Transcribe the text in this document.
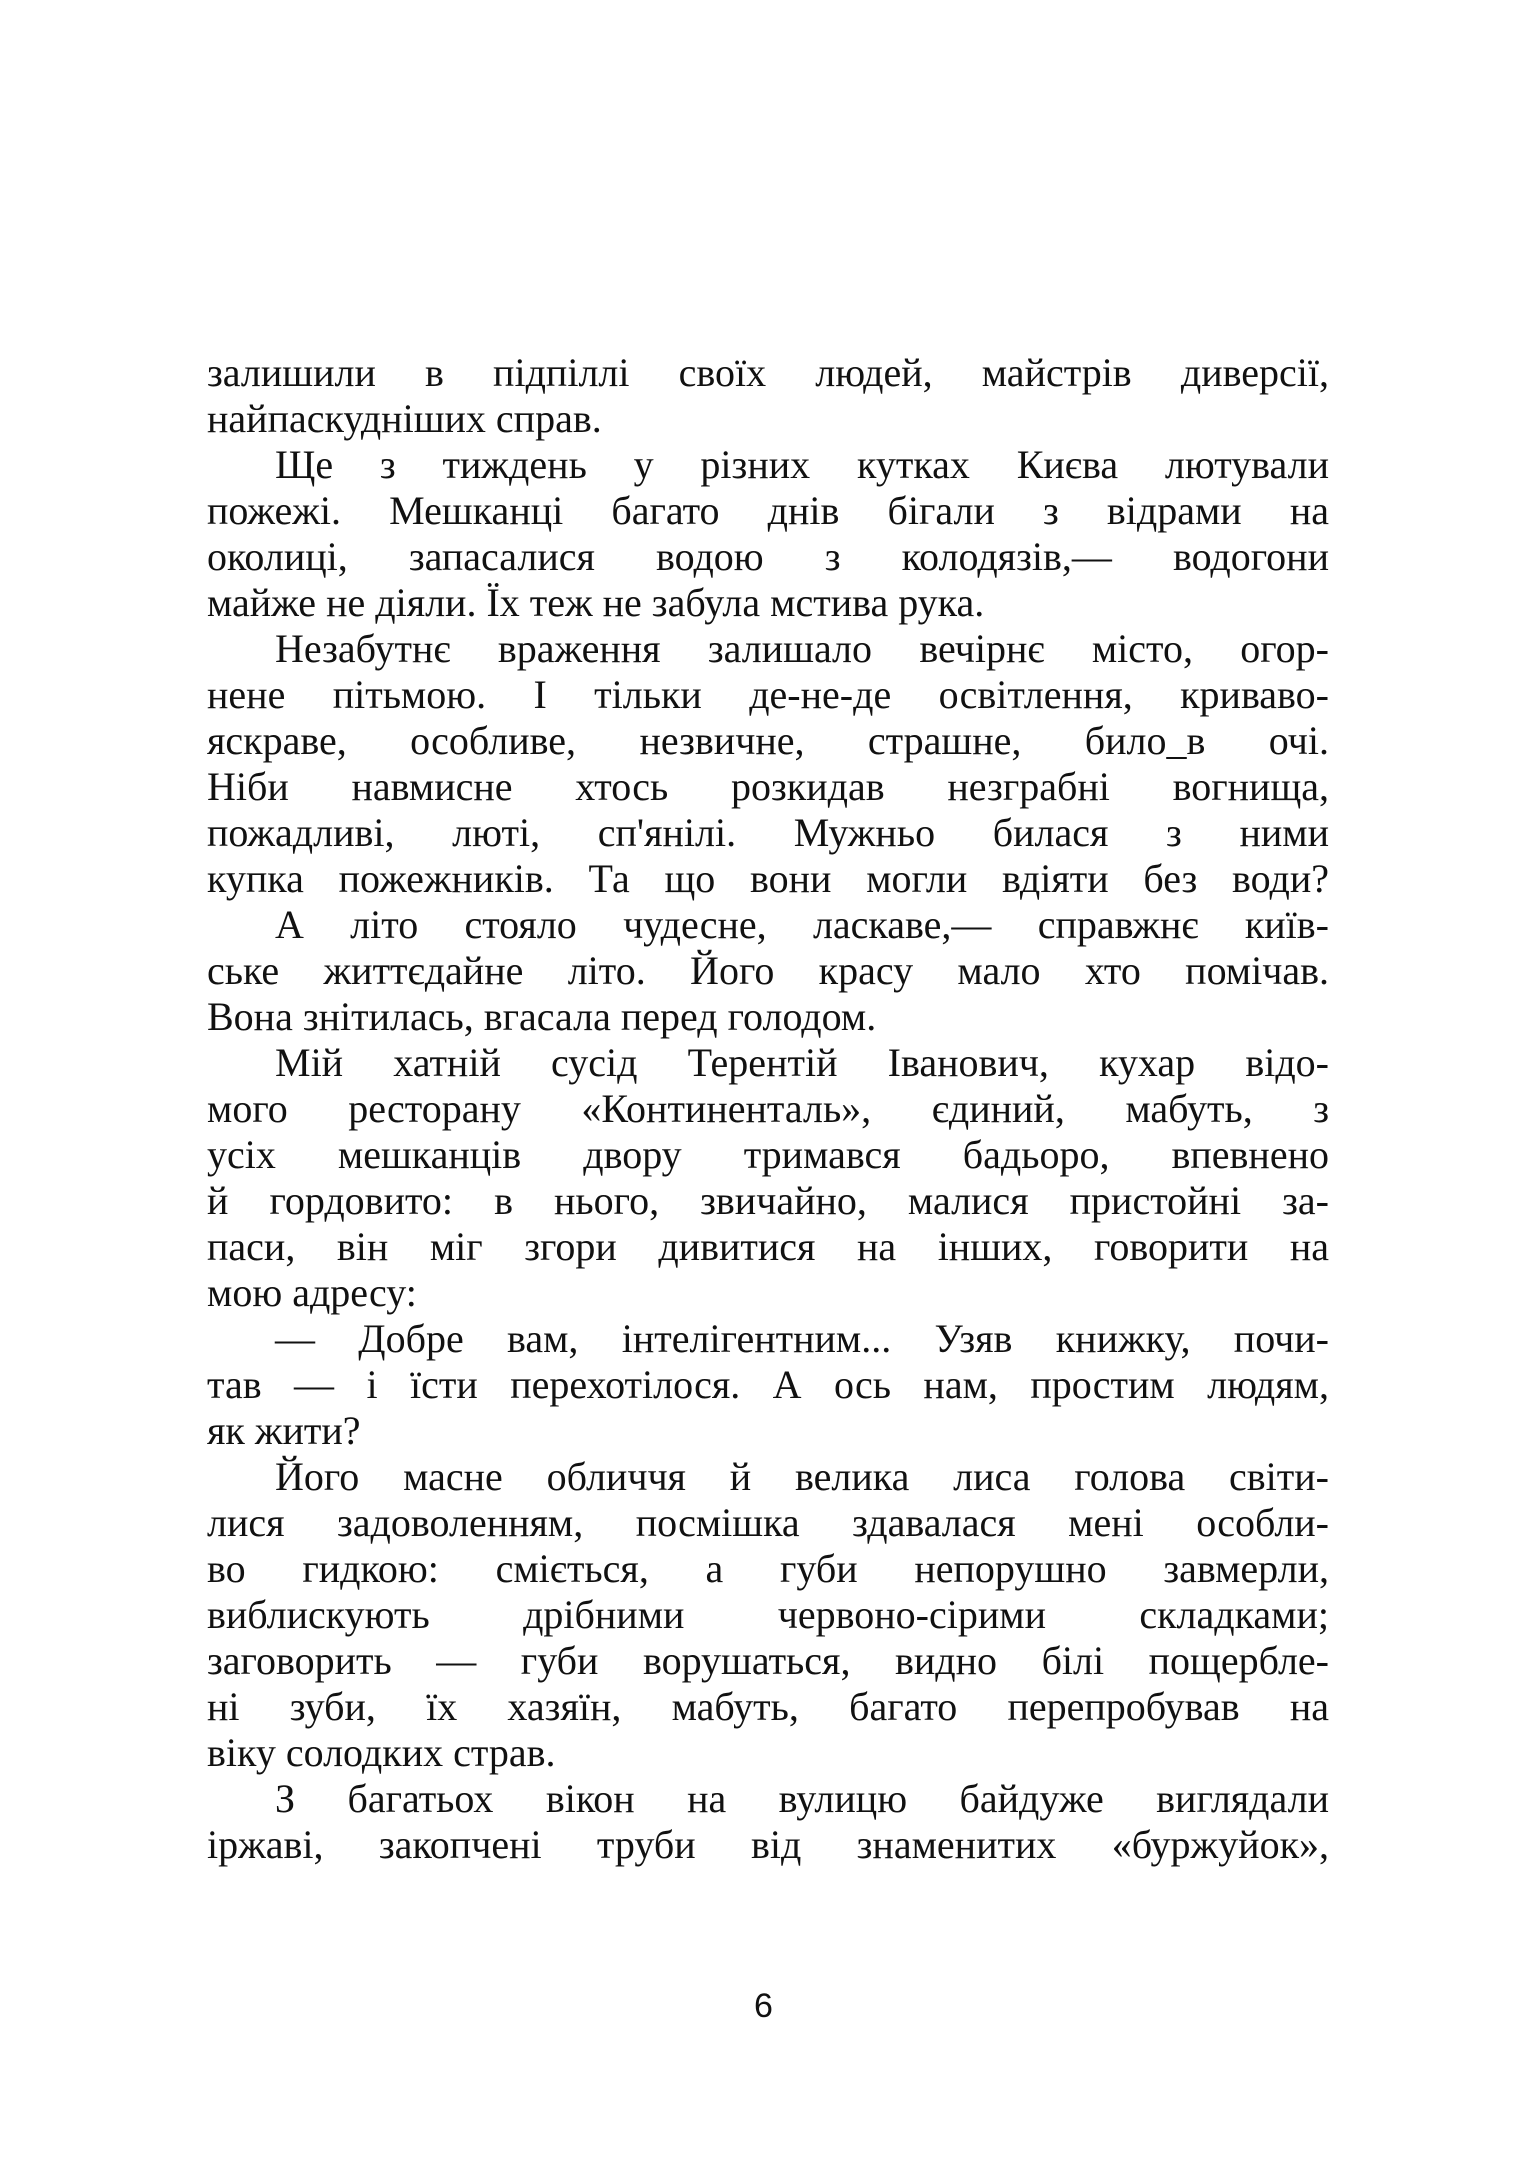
залишили в підпіллі своїх людей, майстрів диверсії,
найпаскудніших справ.
Ще з тиждень у різних кутках Києва лютували
пожежі. Мешканці багато днів бігали з відрами на
околиці, запасалися водою з колодязів,— водогони
майже не діяли. Їх теж не забула мстива рука.
Незабутнє враження залишало вечірнє місто, огор-
нене пітьмою. І тільки де-не-де освітлення, криваво-
яскраве, особливе, незвичне, страшне, било_в очі.
Ніби навмисне хтось розкидав незграбні вогнища,
пожадливі, люті, сп'янілі. Мужньо билася з ними
купка пожежників. Та що вони могли вдіяти без води?
А літо стояло чудесне, ласкаве,— справжнє київ-
ське життєдайне літо. Його красу мало хто помічав.
Вона знітилась, вгасала перед голодом.
Мій хатній сусід Терентій Іванович, кухар відо-
мого ресторану «Континенталь», єдиний, мабуть, з
усіх мешканців двору тримався бадьоро, впевнено
й гордовито: в нього, звичайно, малися пристойні за-
паси, він міг згори дивитися на інших, говорити на
мою адресу:
— Добре вам, інтелігентним... Узяв книжку, почи-
тав — і їсти перехотілося. А ось нам, простим людям,
як жити?
Його масне обличчя й велика лиса голова світи-
лися задоволенням, посмішка здавалася мені особли-
во гидкою: сміється, а губи непорушно завмерли,
виблискують дрібними червоно-сірими складками;
заговорить — губи ворушаться, видно білі пощербле-
ні зуби, їх хазяїн, мабуть, багато перепробував на
віку солодких страв.
З багатьох вікон на вулицю байдуже виглядали
іржаві, закопчені труби від знаменитих «буржуйок»,
6
